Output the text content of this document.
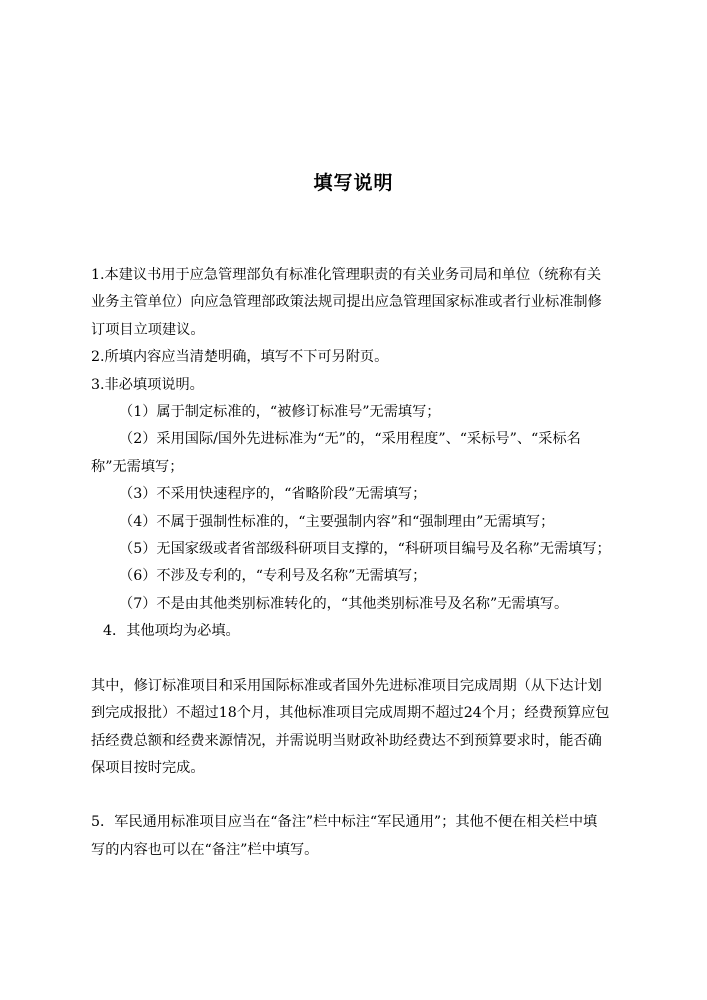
填写说明

1.本建议书用于应急管理部负有标准化管理职责的有关业务司局和单位（统称有关业务主管单位）向应急管理部政策法规司提出应急管理国家标准或者行业标准制修订项目立项建议。

2.所填内容应当清楚明确，填写不下可另附页。

3.非必填项说明。

（1）属于制定标准的，“被修订标准号”无需填写；

（2）采用国际/国外先进标准为“无”的，“采用程度”、“采标号”、“采标名称”无需填写；

（3）不采用快速程序的，“省略阶段”无需填写；

（4）不属于强制性标准的，“主要强制内容”和“强制理由”无需填写；

（5）无国家级或者省部级科研项目支撑的，“科研项目编号及名称”无需填写；

（6）不涉及专利的，“专利号及名称”无需填写；

（7）不是由其他类别标准转化的，“其他类别标准号及名称”无需填写。

4．其他项均为必填。

其中，修订标准项目和采用国际标准或者国外先进标准项目完成周期（从下达计划到完成报批）不超过18个月，其他标准项目完成周期不超过24个月；经费预算应包括经费总额和经费来源情况，并需说明当财政补助经费达不到预算要求时，能否确保项目按时完成。

5．军民通用标准项目应当在“备注”栏中标注“军民通用”；其他不便在相关栏中填写的内容也可以在“备注”栏中填写。
